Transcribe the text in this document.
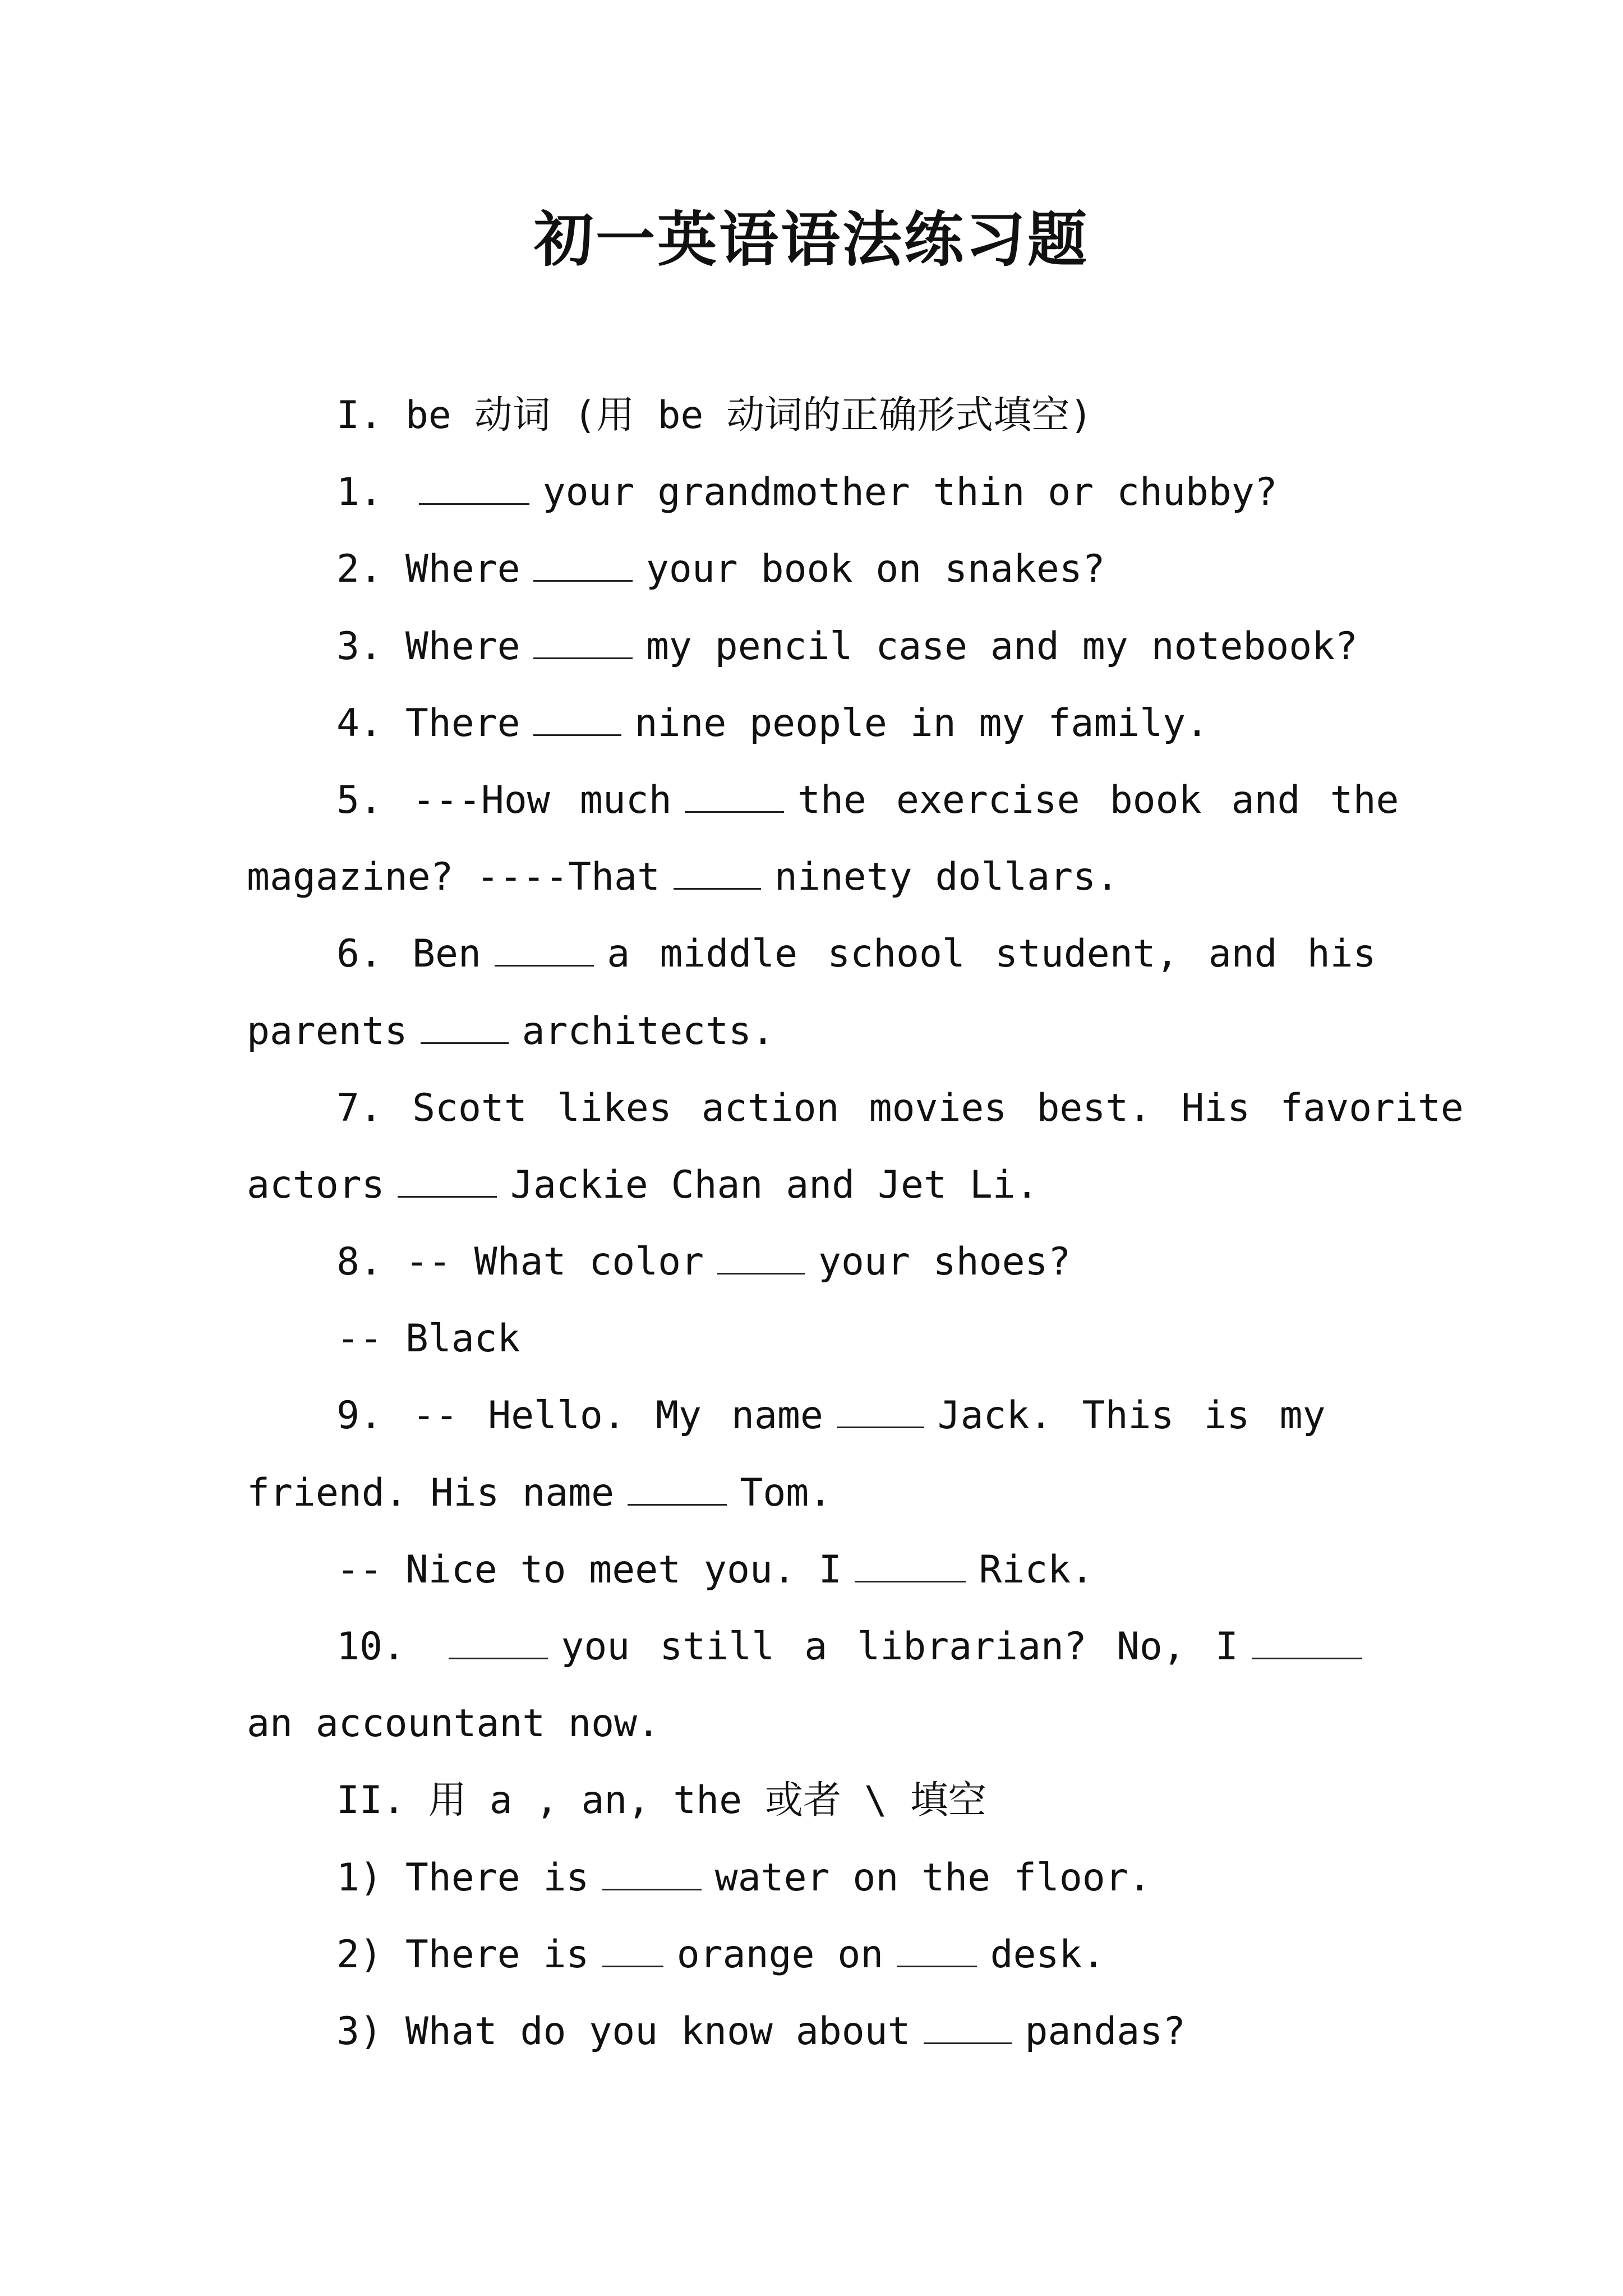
初一英语语法练习题
I. be 动词 (用 be 动词的正确形式填空)
1.	your grandmother thin or chubby?
2. Where	your book on snakes?
3. Where	my pencil case and my notebook?
4. There	nine people in my family.
5. ---How much	the exercise book and the
magazine? ----That	ninety dollars.
6. Ben	a middle school student, and his
parents	architects.
7. Scott likes action movies best. His favorite
actors	Jackie Chan and Jet Li.
8. -- What color	your shoes?
-- Black
9. -- Hello. My name	Jack. This is my
friend. His name	Tom.
-- Nice to meet you. I	Rick.
10.	you still a librarian? No, I
an accountant now.
II. 用 a , an, the 或者 \ 填空
1) There is	water on the floor.
2) There is orange on	desk.
3) What do you know about	pandas?
